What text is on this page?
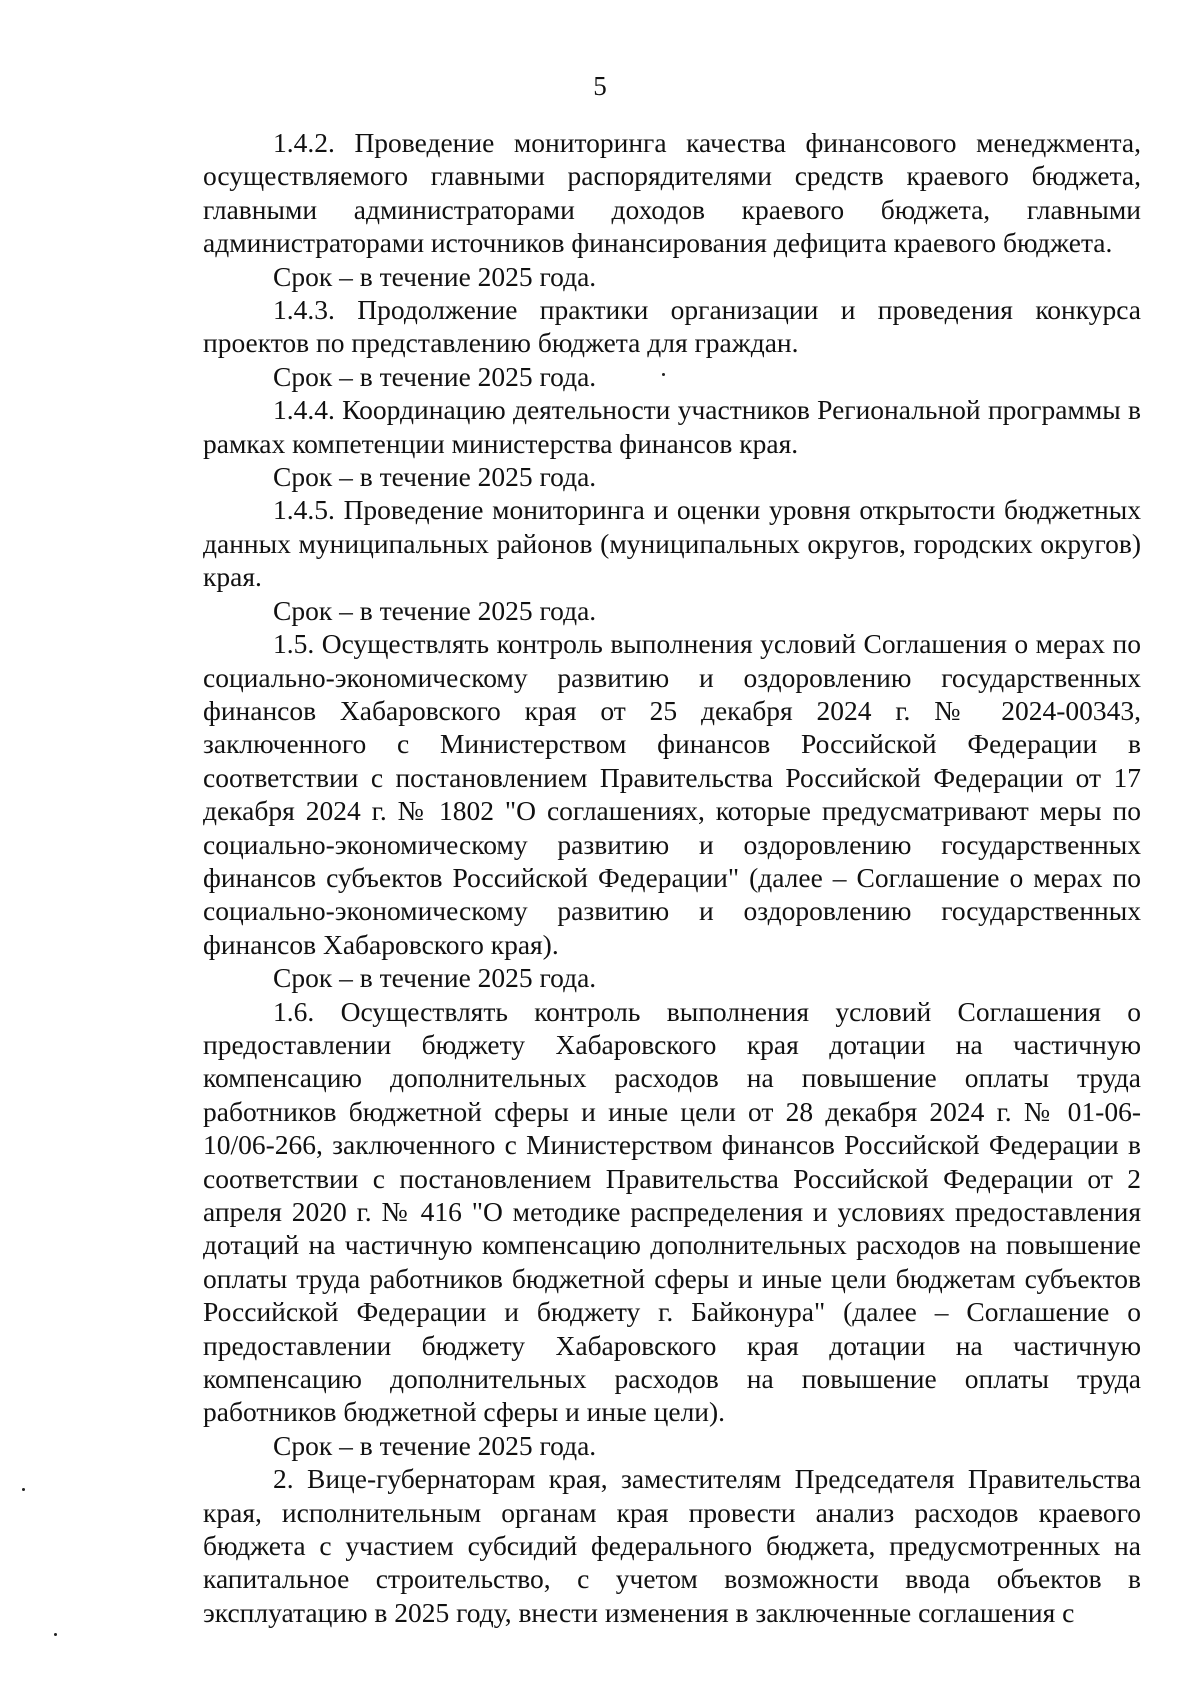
5

1.4.2. Проведение мониторинга качества финансового менеджмента, осуществляемого главными распорядителями средств краевого бюджета, главными администраторами доходов краевого бюджета, главными администраторами источников финансирования дефицита краевого бюджета.

Срок – в течение 2025 года.

1.4.3. Продолжение практики организации и проведения конкурса проектов по представлению бюджета для граждан.

Срок – в течение 2025 года.

1.4.4. Координацию деятельности участников Региональной программы в рамках компетенции министерства финансов края.

Срок – в течение 2025 года.

1.4.5. Проведение мониторинга и оценки уровня открытости бюджетных данных муниципальных районов (муниципальных округов, городских округов) края.

Срок – в течение 2025 года.

1.5. Осуществлять контроль выполнения условий Соглашения о мерах по социально-экономическому развитию и оздоровлению государственных финансов Хабаровского края от 25 декабря 2024 г. № 2024-00343, заключенного с Министерством финансов Российской Федерации в соответствии с постановлением Правительства Российской Федерации от 17 декабря 2024 г. № 1802 "О соглашениях, которые предусматривают меры по социально-экономическому развитию и оздоровлению государственных финансов субъектов Российской Федерации" (далее – Соглашение о мерах по социально-экономическому развитию и оздоровлению государственных финансов Хабаровского края).

Срок – в течение 2025 года.

1.6. Осуществлять контроль выполнения условий Соглашения о предоставлении бюджету Хабаровского края дотации на частичную компенсацию дополнительных расходов на повышение оплаты труда работников бюджетной сферы и иные цели от 28 декабря 2024 г. № 01-06-10/06-266, заключенного с Министерством финансов Российской Федерации в соответствии с постановлением Правительства Российской Федерации от 2 апреля 2020 г. № 416 "О методике распределения и условиях предоставления дотаций на частичную компенсацию дополнительных расходов на повышение оплаты труда работников бюджетной сферы и иные цели бюджетам субъектов Российской Федерации и бюджету г. Байконура" (далее – Соглашение о предоставлении бюджету Хабаровского края дотации на частичную компенсацию дополнительных расходов на повышение оплаты труда работников бюджетной сферы и иные цели).

Срок – в течение 2025 года.

2. Вице-губернаторам края, заместителям Председателя Правительства края, исполнительным органам края провести анализ расходов краевого бюджета с участием субсидий федерального бюджета, предусмотренных на капитальное строительство, с учетом возможности ввода объектов в эксплуатацию в 2025 году, внести изменения в заключенные соглашения с
